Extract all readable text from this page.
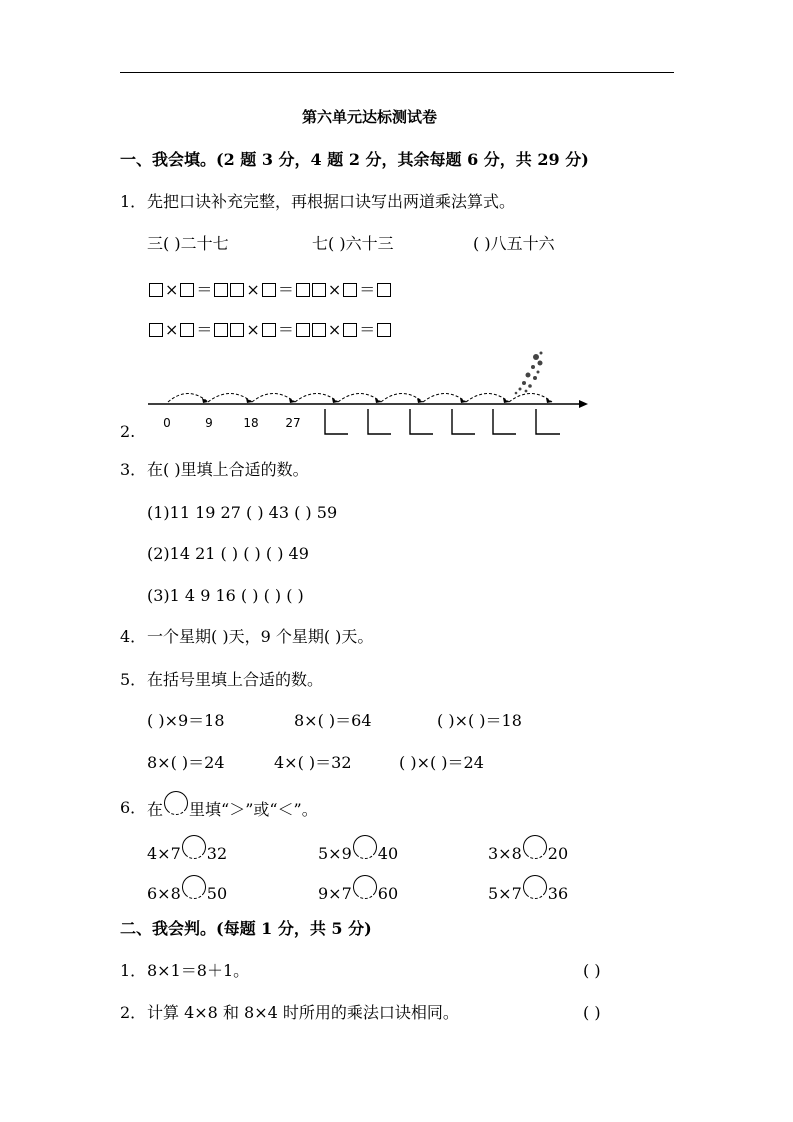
第六单元达标测试卷
一、我会填。(2 题 3 分，4 题 2 分，其余每题 6 分，共 29 分)
1． 先把口诀补充完整，再根据口诀写出两道乘法算式。
三( )二十七	七( )六十三	( )八五十六
× ＝ × ＝ × ＝
× ＝ × ＝ × ＝
2. 0	9	18 27
3． 在( )里填上合适的数。
(1)11 19 27 ( ) 43 ( ) 59
(2)14 21 ( ) ( ) ( ) 49
(3)1 4 9 16 ( ) ( ) ( )
4． 一个星期( )天，9 个星期( )天。
5． 在括号里填上合适的数。
( )×9＝18	8×( )＝64	( )×( )＝18
8×( )＝24	4×( )＝32	( )×( )＝24
6． 在 里填“＞”或“＜”。
4×7 32	5×9 40	3×8 20
6×8 50	9×7 60	5×7 36
二、我会判。(每题 1 分，共 5 分)
1． 8×1＝8＋1。	( )
2． 计算 4×8 和 8×4 时所用的乘法口诀相同。	( )
